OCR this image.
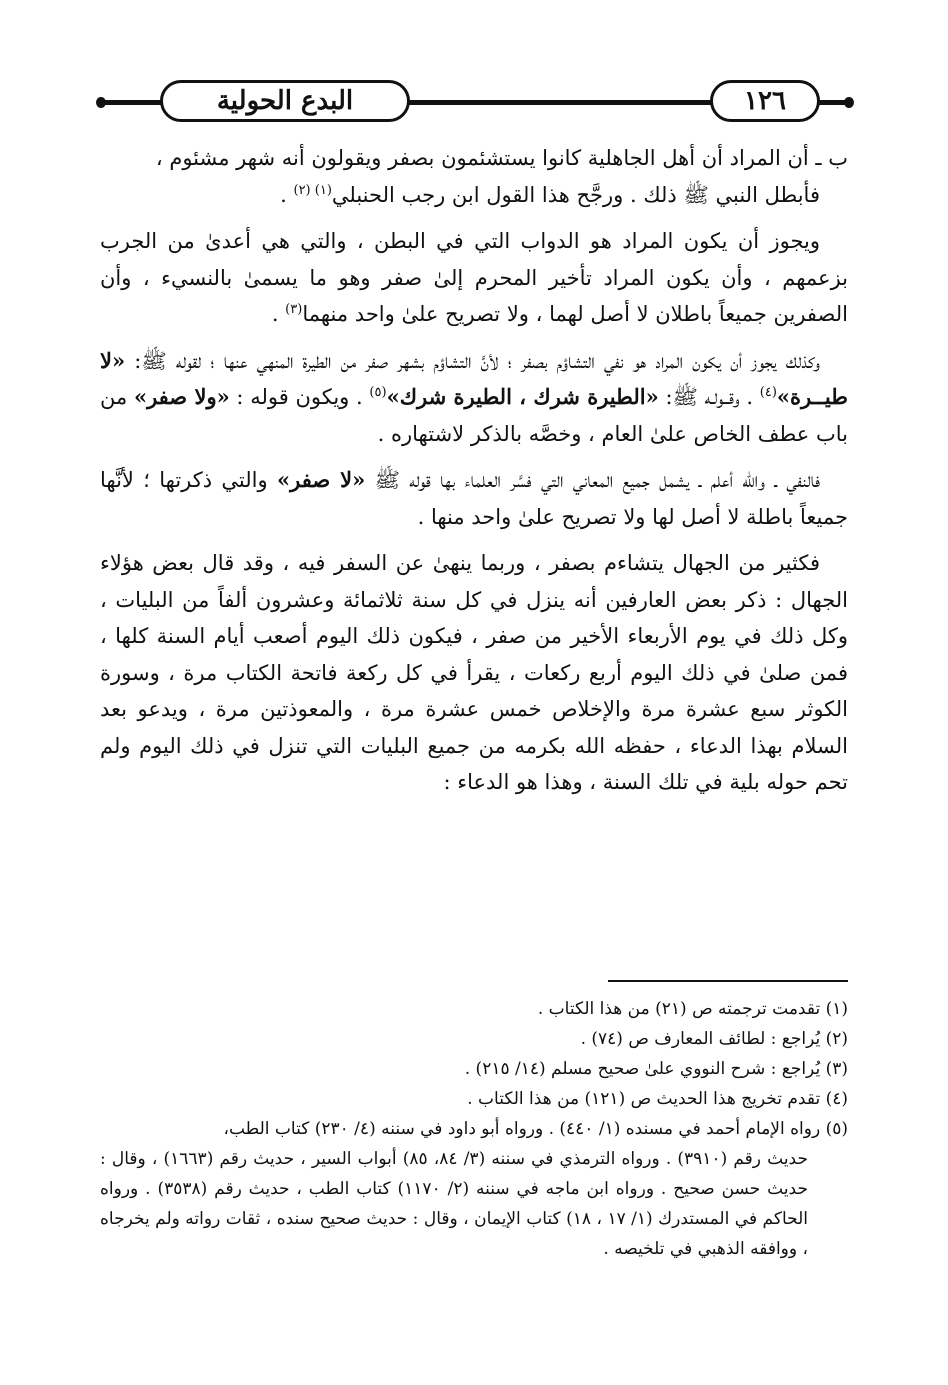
البدع الحولية	١٢٦

ب ـ أن المراد أن أهل الجاهلية كانوا يستشئمون بصفر ويقولون أنه شهر مشئوم ،
فأبطل النبي ﷺ ذلك . ورجَّح هذا القول ابن رجب الحنبلي$^{(١) (٢)}$ .

ويجوز أن يكون المراد هو الدواب التي في البطن ، والتي هي أعدىٰ من الجرب بزعمهم ، وأن يكون المراد تأخير المحرم إلىٰ صفر وهو ما يسمىٰ بالنسيء ، وأن الصفرين جميعاً باطلان لا أصل لهما ، ولا تصريح علىٰ واحد منهما$^{(٣)}$ .

وكذلك يجوز أن يكون المراد هو نفي التشاؤم بصفر ؛ لأنَّ التشاؤم بشهر صفر من الطيرة المنهي عنها ؛ لقوله ﷺ: «لا طيــرة»$^{(٤)}$ . وقــولـه ﷺ: «الطيرة شرك ، الطيرة شرك»$^{(٥)}$ . ويكون قوله : «ولا صفر» من باب عطف الخاص علىٰ العام ، وخصَّه بالذكر لاشتهاره .

فالنفي ـ والله أعلم ـ يشمل جميع المعاني التي فسَّر العلماء بها قوله ﷺ «لا صفر» والتي ذكرتها ؛ لأنَّها جميعاً باطلة لا أصل لها ولا تصريح علىٰ واحد منها .

فكثير من الجهال يتشاءم بصفر ، وربما ينهىٰ عن السفر فيه ، وقد قال بعض هؤلاء الجهال : ذكر بعض العارفين أنه ينزل في كل سنة ثلاثمائة وعشرون ألفاً من البليات ، وكل ذلك في يوم الأربعاء الأخير من صفر ، فيكون ذلك اليوم أصعب أيام السنة كلها ، فمن صلىٰ في ذلك اليوم أربع ركعات ، يقرأ في كل ركعة فاتحة الكتاب مرة ، وسورة الكوثر سبع عشرة مرة والإخلاص خمس عشرة مرة ، والمعوذتين مرة ، ويدعو بعد السلام بهذا الدعاء ، حفظه الله بكرمه من جميع البليات التي تنزل في ذلك اليوم ولم تحم حوله بلية في تلك السنة ، وهذا هو الدعاء :

(١) تقدمت ترجمته ص (٢١) من هذا الكتاب .

(٢) يُراجع : لطائف المعارف ص (٧٤) .

(٣) يُراجع : شرح النووي علىٰ صحيح مسلم (١٤/ ٢١٥) .

(٤) تقدم تخريج هذا الحديث ص (١٢١) من هذا الكتاب .

(٥) رواه الإمام أحمد في مسنده (١/ ٤٤٠) . ورواه أبو داود في سننه (٤/ ٢٣٠) كتاب الطب،
حديث رقم (٣٩١٠) . ورواه الترمذي في سننه (٣/ ٨٤، ٨٥) أبواب السير ، حديث رقم (١٦٦٣) ، وقال : حديث حسن صحيح . ورواه ابن ماجه في سننه (٢/ ١١٧٠) كتاب الطب ، حديث رقم (٣٥٣٨) . ورواه الحاكم في المستدرك (١/ ١٧ ، ١٨) كتاب الإيمان ، وقال : حديث صحيح سنده ، ثقات رواته ولم يخرجاه ، ووافقه الذهبي في تلخيصه .
